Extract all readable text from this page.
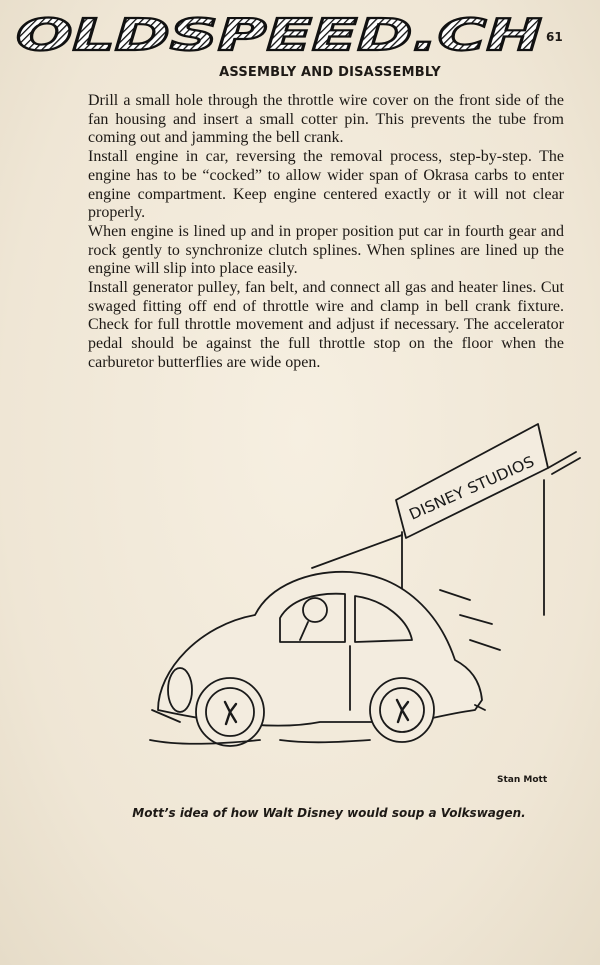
OLDSPEED.CH 61
ASSEMBLY AND DISASSEMBLY

Drill a small hole through the throttle wire cover on the front side of the fan housing and insert a small cotter pin. This prevents the tube from coming out and jamming the bell crank.

Install engine in car, reversing the removal process, step-by-step. The engine has to be “cocked” to allow wider span of Okrasa carbs to enter engine compartment. Keep engine centered exactly or it will not clear properly.

When engine is lined up and in proper position put car in fourth gear and rock gently to synchronize clutch splines. When splines are lined up the engine will slip into place easily.

Install generator pulley, fan belt, and connect all gas and heater lines. Cut swaged fitting off end of throttle wire and clamp in bell crank fixture. Check for full throttle movement and adjust if necessary. The accelerator pedal should be against the full throttle stop on the floor when the carburetor butterflies are wide open.

DISNEY STUDIOS
Stan Mott
Mott’s idea of how Walt Disney would soup a Volkswagen.
